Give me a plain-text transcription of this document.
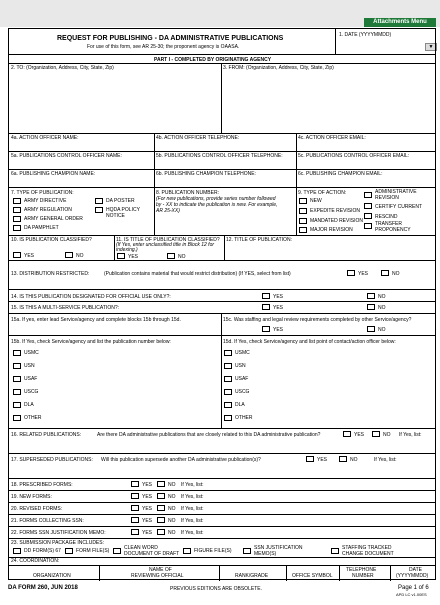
Attachments Menu
▼
REQUEST FOR PUBLISHING - DA ADMINISTRATIVE PUBLICATIONS
For use of this form, see AR 25-30; the proponent agency is OAASA.
1. DATE (YYYYMMDD)
PART I - COMPLETED BY ORIGINATING AGENCY
2. TO: (Organization, Address, City, State, Zip)	3. FROM: (Organization, Address, City, State, Zip)
4a. ACTION OFFICER NAME:	4b. ACTION OFFICER TELEPHONE:	4c. ACTION OFFICER EMAIL:
5a. PUBLICATIONS CONTROL OFFICER NAME:	5b. PUBLICATIONS CONTROL OFFICER TELEPHONE:	5c. PUBLICATIONS CONTROL OFFICER EMAIL:
6a. PUBLISHING CHAMPION NAME:	6b. PUBLISHING CHAMPION TELEPHONE:	6c. PUBLISHING CHAMPION EMAIL:
7. TYPE OF PUBLICATION:
ARMY DIRECTIVE
ARMY REGULATION
ARMY GENERAL ORDER
DA PAMPHLET
DA POSTER
HQDA POLICY
NOTICE
8. PUBLICATION NUMBER:
(For new publications, provide series number followed
by - XX to indicate the publication is new. For example,
AR 25-XX)
9. TYPE OF ACTION:
NEW
EXPEDITE REVISION
MANDATED REVISION
MAJOR REVISION
ADMINISTRATIVE
REVISION
CERTIFY CURRENT
RESCIND
TRANSFER
PROPONENCY
10. IS PUBLICATION CLASSIFIED?
YES	NO
11. IS TITLE OF PUBLICATION CLASSIFIED?
(If Yes, enter unclassified title in Block 12 for
indexing.)
YES	NO
12. TITLE OF PUBLICATION:
13. DISTRIBUTION RESTRICTED:	(Publication contains material that would restrict distribution) (If YES, select from list)	YES	NO
14. IS THIS PUBLICATION DESIGNATED FOR OFFICIAL USE ONLY?:	YES	NO
15. IS THIS A MULTI-SERVICE PUBLICATION?:	YES	NO
15a. If yes, enter lead Service/agency and complete blocks 15b through 15d.	15c. Was staffing and legal review requirements completed by other Service/agency?
YES	NO
15b. If Yes, check Service/agency and list the publication number below:	15d. If Yes, check Service/agency and list point of contact/action officer below:
USMC
USN
USAF
USCG
DLA
OTHER
USMC
USN
USAF
USCG
DLA
OTHER
16. RELATED PUBLICATIONS:	Are there DA administrative publications that are closely related to this DA administrative publication?	YES	NO If Yes, list:
17. SUPERSEDED PUBLICATIONS: Will this publication supersede another DA administrative publication(s)?	YES	NO	If Yes, list:
18. PRESCRIBED FORMS:	YES	NO If Yes, list:
19. NEW FORMS:	YES	NO If Yes, list:
20. REVISED FORMS:	YES	NO If Yes, list:
21. FORMS COLLECTING SSN:	YES	NO If Yes, list:
22. FORMS SSN JUSTIFICATION MEMO:	YES	NO If Yes, list:
23. SUBMISSION PACKAGE INCLUDES:
DD FORM(S) 67	FORM FILE(S)	CLEAN WORD
DOCUMENT OF DRAFT	FIGURE FILE(S)	SSN JUSTIFICATION
MEMO(S)
STAFFING TRACKED
CHANGE DOCUMENT
24. COORDINATION:
ORGANIZATION
NAME OF
REVIEWING OFFICIAL	RANK/GRADE	OFFICE SYMBOL
TELEPHONE
NUMBER
DATE
(YYYYMMDD)
DA FORM 260, JUN 2018	PREVIOUS EDITIONS ARE OBSOLETE.	Page 1 of 6
APD LC v1.00ES
